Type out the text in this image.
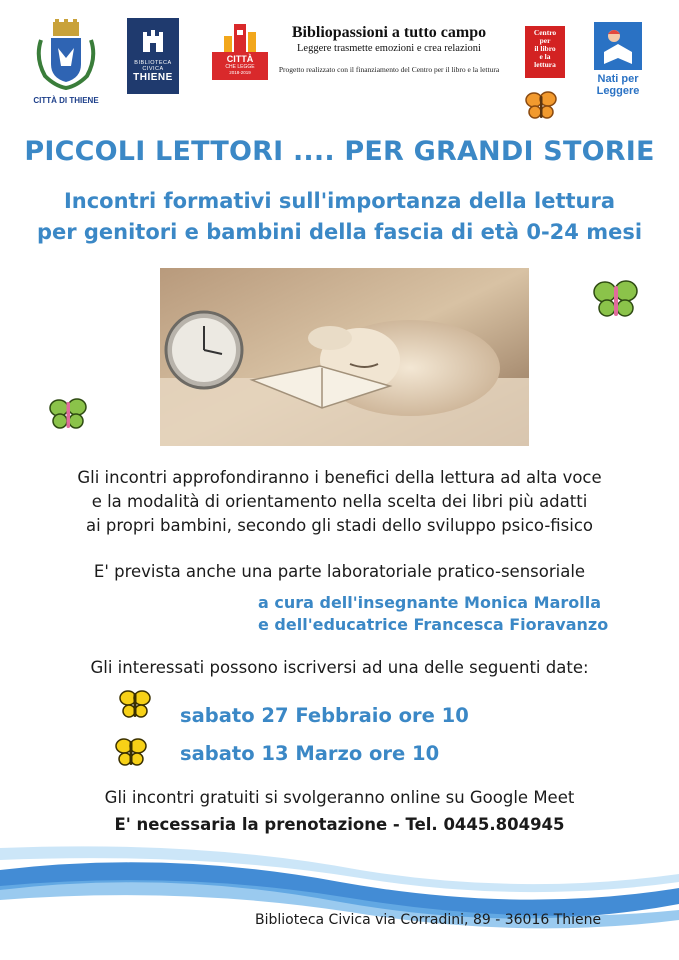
CITTÀ DI THIENE
BIBLIOTECA CIVICA
THIENE
CITTÀ
CHE LEGGE
2018-2019
Bibliopassioni a tutto campo
Leggere trasmette emozioni e crea relazioni
Progetto realizzato con il finanziamento del Centro per il libro e la lettura
Centro
per
il libro
e la
lettura
Nati per
Leggere
PICCOLI LETTORI .... PER GRANDI STORIE
Incontri formativi sull'importanza della lettura
per genitori e bambini della fascia di età 0-24 mesi
Gli incontri approfondiranno i benefici della lettura ad alta voce
e la modalità di orientamento nella scelta dei libri più adatti
ai propri bambini, secondo gli stadi dello sviluppo psico-fisico
E' prevista anche una parte laboratoriale pratico-sensoriale
a cura dell'insegnante Monica Marolla
e dell'educatrice Francesca Fioravanzo
Gli interessati possono iscriversi ad una delle seguenti date:
sabato 27 Febbraio ore 10
sabato 13 Marzo ore 10
Gli incontri gratuiti si svolgeranno online su Google Meet
E' necessaria la prenotazione - Tel. 0445.804945
Biblioteca Civica via Corradini, 89 - 36016 Thiene
